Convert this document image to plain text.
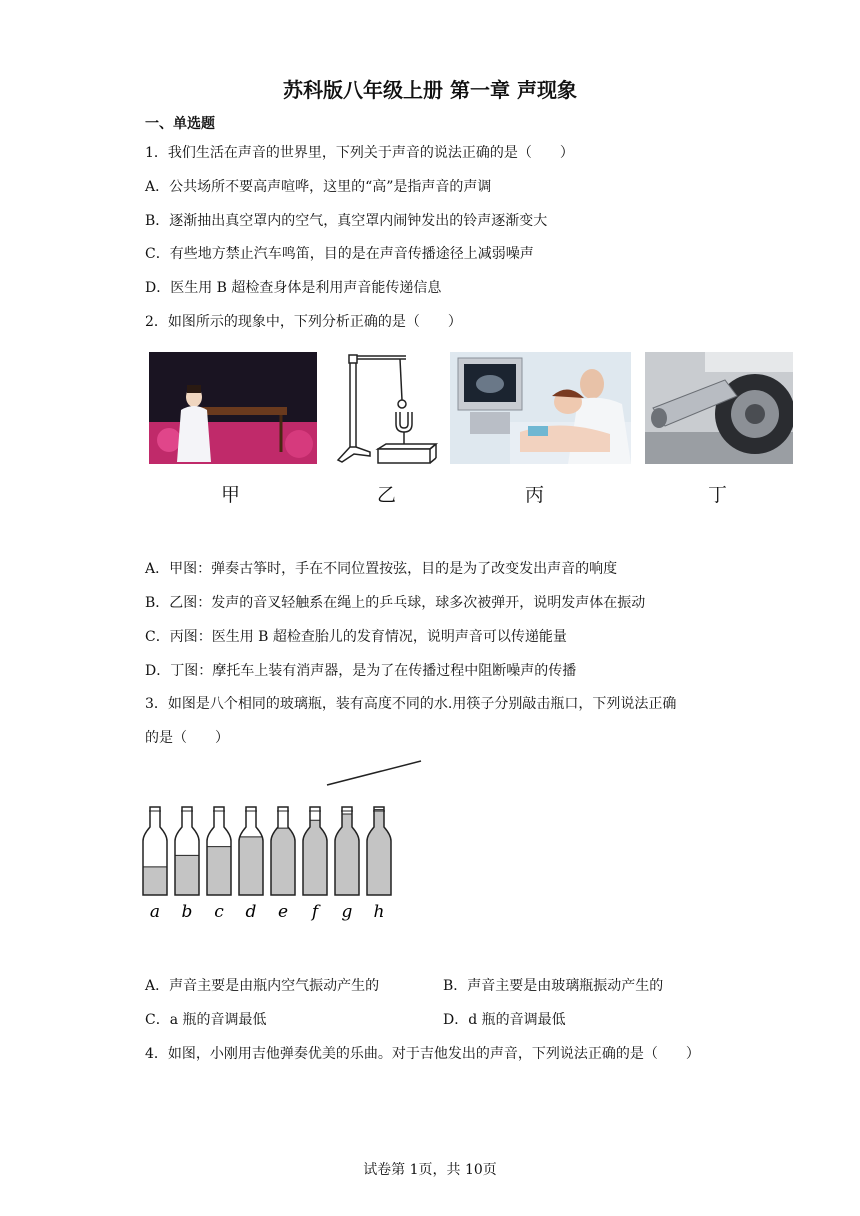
苏科版八年级上册 第一章 声现象
一、单选题
1．我们生活在声音的世界里，下列关于声音的说法正确的是（　　）
A．公共场所不要高声喧哗，这里的“高”是指声音的声调
B．逐渐抽出真空罩内的空气，真空罩内闹钟发出的铃声逐渐变大
C．有些地方禁止汽车鸣笛，目的是在声音传播途径上减弱噪声
D．医生用 B 超检查身体是利用声音能传递信息
2．如图所示的现象中，下列分析正确的是（　　）
甲	乙	丙	丁
A．甲图：弹奏古筝时，手在不同位置按弦，目的是为了改变发出声音的响度
B．乙图：发声的音叉轻触系在绳上的乒乓球，球多次被弹开，说明发声体在振动
C．丙图：医生用 B 超检查胎儿的发育情况，说明声音可以传递能量
D．丁图：摩托车上装有消声器，是为了在传播过程中阻断噪声的传播
3．如图是八个相同的玻璃瓶，装有高度不同的水.用筷子分别敲击瓶口，下列说法正确
的是（　　）
a b c d e f g h
A．声音主要是由瓶内空气振动产生的	B．声音主要是由玻璃瓶振动产生的
C．a 瓶的音调最低	D．d 瓶的音调最低
4．如图，小刚用吉他弹奏优美的乐曲。对于吉他发出的声音，下列说法正确的是（　　）
试卷第 1页，共 10页
